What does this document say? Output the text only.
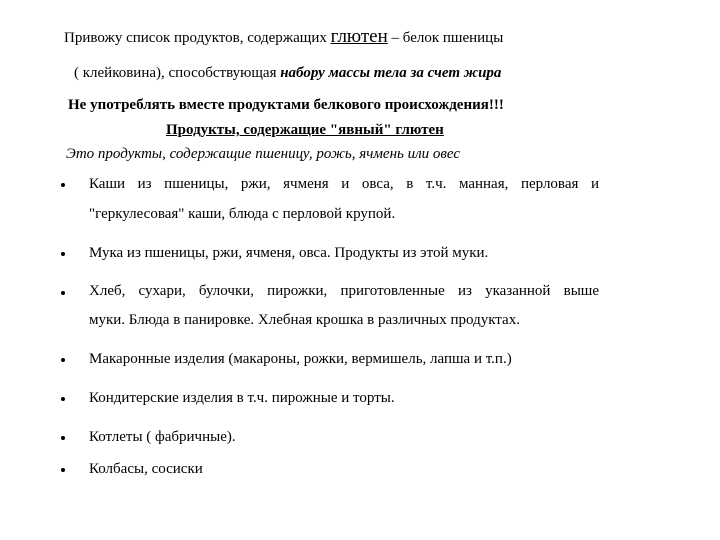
Привожу список продуктов, содержащих глютен – белок пшеницы
( клейковина), способствующая набору массы тела за счет жира
Не употреблять вместе продуктами белкового происхождения!!!
Продукты, содержащие "явный" глютен
Это продукты, содержащие пшеницу, рожь, ячмень или овес
Каши из пшеницы, ржи, ячменя и овса, в т.ч. манная, перловая и
"геркулесовая" каши, блюда с перловой крупой.
Мука из пшеницы, ржи, ячменя, овса. Продукты из этой муки.
Хлеб, сухари, булочки, пирожки, приготовленные из указанной выше
муки. Блюда в панировке. Хлебная крошка в различных продуктах.
Макаронные изделия (макароны, рожки, вермишель, лапша и т.п.)
Кондитерские изделия в т.ч. пирожные и торты.
Котлеты ( фабричные).
Колбасы, сосиски
